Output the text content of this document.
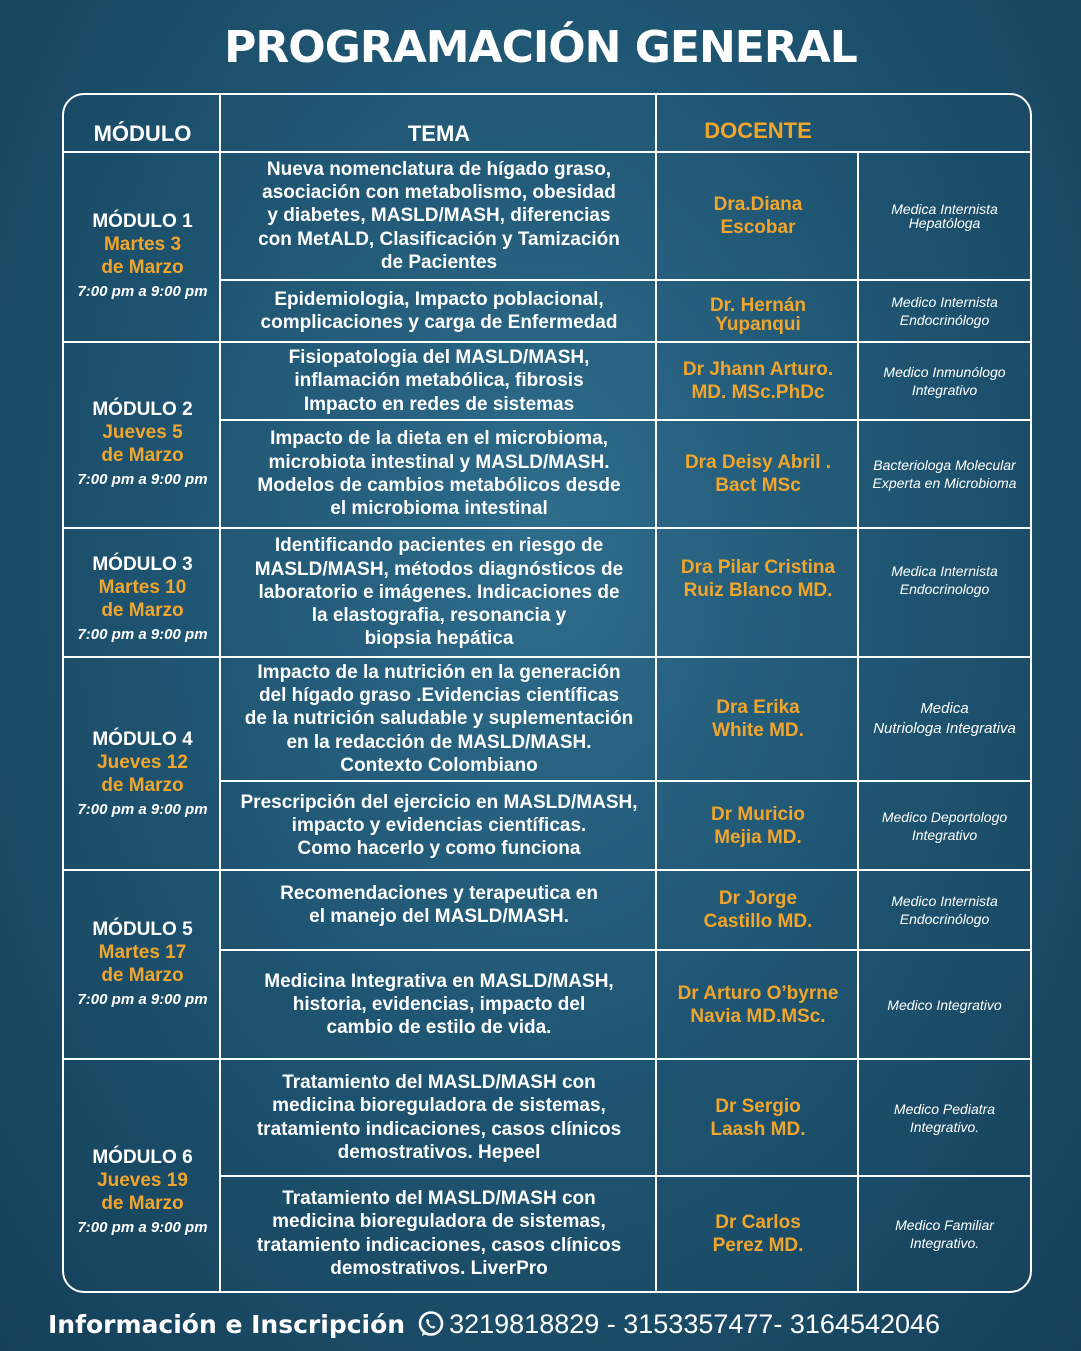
PROGRAMACIÓN GENERAL
MÓDULO	TEMA	DOCENTE
MÓDULO 1
Martes 3
de Marzo
7:00 pm a 9:00 pm
MÓDULO 2
Jueves 5
de Marzo
7:00 pm a 9:00 pm
MÓDULO 3
Martes 10
de Marzo
7:00 pm a 9:00 pm
MÓDULO 4
Jueves 12
de Marzo
7:00 pm a 9:00 pm
MÓDULO 5
Martes 17
de Marzo
7:00 pm a 9:00 pm
MÓDULO 6
Jueves 19
de Marzo
7:00 pm a 9:00 pm
Nueva nomenclatura de hígado graso,
asociación con metabolismo, obesidad
y diabetes, MASLD/MASH, diferencias
con MetALD, Clasificación y Tamización
de Pacientes
Dra.Diana
Escobar
Medica Internista
Hepatóloga
Epidemiologia, Impacto poblacional,
complicaciones y carga de Enfermedad
Dr. Hernán
Yupanqui
Medico Internista
Endocrinólogo
Fisiopatologia del MASLD/MASH,
inflamación metabólica, fibrosis
Impacto en redes de sistemas
Dr Jhann Arturo.
MD. MSc.PhDc
Medico Inmunólogo
Integrativo
Impacto de la dieta en el microbioma,
microbiota intestinal y MASLD/MASH.
Modelos de cambios metabólicos desde
el microbioma intestinal
Dra Deisy Abril .
Bact MSc
Bacteriologa Molecular
Experta en Microbioma
Identificando pacientes en riesgo de
MASLD/MASH, métodos diagnósticos de
laboratorio e imágenes. Indicaciones de
la elastografia, resonancia y
biopsia hepática
Dra Pilar Cristina
Ruiz Blanco MD.
Medica Internista
Endocrinologo
Impacto de la nutrición en la generación
del hígado graso .Evidencias científicas
de la nutrición saludable y suplementación
en la redacción de MASLD/MASH.
Contexto Colombiano
Dra Erika
White MD.
Medica
Nutriologa Integrativa
Prescripción del ejercicio en MASLD/MASH,
impacto y evidencias científicas.
Como hacerlo y como funciona
Dr Muricio
Mejia MD.
Medico Deportologo
Integrativo
Recomendaciones y terapeutica en
el manejo del MASLD/MASH.
Dr Jorge
Castillo MD.
Medico Internista
Endocrinólogo
Medicina Integrativa en MASLD/MASH,
historia, evidencias, impacto del
cambio de estilo de vida.
Dr Arturo O’byrne
Navia MD.MSc.
Medico Integrativo
Tratamiento del MASLD/MASH con
medicina bioreguladora de sistemas,
tratamiento indicaciones, casos clínicos
demostrativos. Hepeel
Dr Sergio
Laash MD.
Medico Pediatra
Integrativo.
Tratamiento del MASLD/MASH con
medicina bioreguladora de sistemas,
tratamiento indicaciones, casos clínicos
demostrativos. LiverPro
Dr Carlos
Perez MD.
Medico Familiar
Integrativo.
Información e Inscripción 3219818829 - 3153357477- 3164542046
